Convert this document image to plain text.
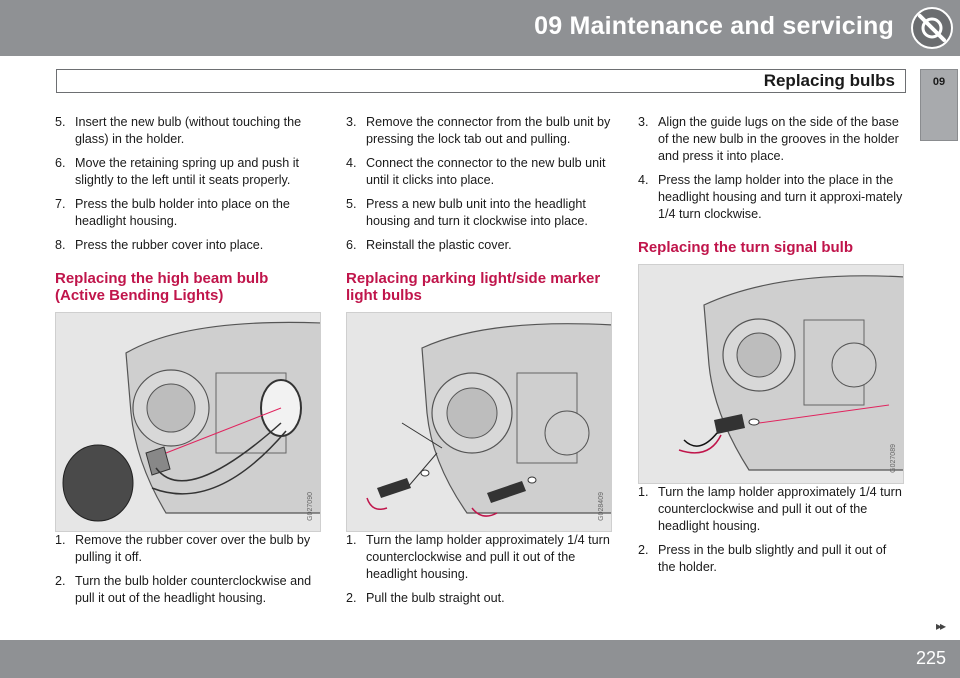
09 Maintenance and servicing
Replacing bulbs	09
5. Insert the new bulb (without touching the glass) in the holder.
6. Move the retaining spring up and push it slightly to the left until it seats properly.
7. Press the bulb holder into place on the headlight housing.
8. Press the rubber cover into place.
Replacing the high beam bulb (Active Bending Lights)
G027090
1. Remove the rubber cover over the bulb by pulling it off.
2. Turn the bulb holder counterclockwise and pull it out of the headlight housing.
3. Remove the connector from the bulb unit by pressing the lock tab out and pulling.
4. Connect the connector to the new bulb unit until it clicks into place.
5. Press a new bulb unit into the headlight housing and turn it clockwise into place.
6. Reinstall the plastic cover.
Replacing parking light/side marker light bulbs
G028409
1. Turn the lamp holder approximately 1/4 turn counterclockwise and pull it out of the headlight housing.
2. Pull the bulb straight out.
3. Align the guide lugs on the side of the base of the new bulb in the grooves in the holder and press it into place.
4. Press the lamp holder into the place in the headlight housing and turn it approxi-mately 1/4 turn clockwise.
Replacing the turn signal bulb
G027089
1. Turn the lamp holder approximately 1/4 turn counterclockwise and pull it out of the headlight housing.
2. Press in the bulb slightly and pull it out of the holder.
▸▸
225
